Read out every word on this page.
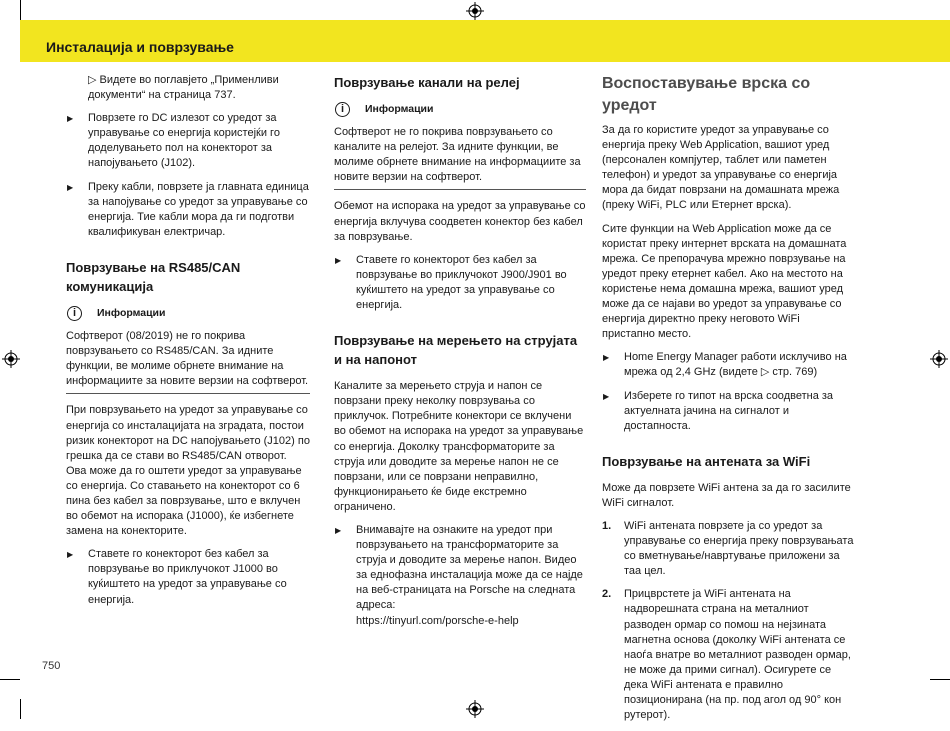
Инсталација и поврзување
▷ Видете во поглавјето „Применливи документи“ на страница 737.
▶ Поврзете го DC излезот со уредот за управување со енергија користејќи го доделувањето пол на конекторот за напојувањето (J102).
▶ Преку кабли, поврзете ја главната единица за напојување со уредот за управување со енергија. Тие кабли мора да ги подготви квалификуван електричар.
Поврзување на RS485/CAN комуникација
i	Информации
Софтверот (08/2019) не го покрива поврзувањето со RS485/CAN. За идните функции, ве молиме обрнете внимание на информациите за новите верзии на софтверот.

При поврзувањето на уредот за управување со енергија со инсталацијата на зградата, постои ризик конекторот на DC напојувањето (J102) по грешка да се стави во RS485/CAN отворот. Ова може да го оштети уредот за управување со енергија. Со ставањето на конекторот со 6 пина без кабел за поврзување, што е вклучен во обемот на испорака (J1000), ќе избегнете замена на конекторите.

▶ Ставете го конекторот без кабел за поврзување во приклучокот J1000 во куќиштето на уредот за управување со енергија.
Поврзување канали на релеј
i	Информации
Софтверот не го покрива поврзувањето со каналите на релејот. За идните функции, ве молиме обрнете внимание на информациите за новите верзии на софтверот.

Обемот на испорака на уредот за управување со енергија вклучува соодветен конектор без кабел за поврзување.

▶ Ставете го конекторот без кабел за поврзување во приклучокот J900/J901 во куќиштето на уредот за управување со енергија.
Поврзување на мерењето на струјата и на напонот

Каналите за мерењето струја и напон се поврзани преку неколку поврзувања со приклучок. Потребните конектори се вклучени во обемот на испорака на уредот за управување со енергија. Доколку трансформаторите за струја или доводите за мерење напон не се поврзани, или се поврзани неправилно, функционирањето ќе биде екстремно ограничено.

▶ Внимавајте на ознаките на уредот при поврзувањето на трансформаторите за струја и доводите за мерење напон. Видео за еднофазна инсталација може да се најде на веб-страницата на Porsche на следната адреса:
https://tinyurl.com/porsche-e-help
Воспоставување врска со уредот

За да го користите уредот за управување со енергија преку Web Application, вашиот уред (персонален компјутер, таблет или паметен телефон) и уредот за управување со енергија мора да бидат поврзани на домашната мрежа (преку WiFi, PLC или Етернет врска).

Сите функции на Web Application може да се користат преку интернет врската на домашната мрежа. Се препорачува мрежно поврзување на уредот преку етернет кабел. Ако на местото на користење нема домашна мрежа, вашиот уред може да се најави во уредот за управување со енергија директно преку неговото WiFi пристапно место.

▶ Home Energy Manager работи исклучиво на мрежа од 2,4 GHz (видете ▷ стр. 769)
▶ Изберете го типот на врска соодветна за актуелната јачина на сигналот и достапноста.
Поврзување на антената за WiFi

Може да поврзете WiFi антена за да го засилите WiFi сигналот.

1. WiFi антената поврзете ја со уредот за управување со енергија преку поврзувањата со вметнување/навртување приложени за таа цел.
2. Прицврстете ја WiFi антената на надворешната страна на металниот разводен ормар со помош на нејзината магнетна основа (доколку WiFi антената се наоѓа внатре во металниот разводен ормар, не може да прими сигнал). Осигурете се дека WiFi антената е правилно позиционирана (на пр. под агол од 90° кон рутерот).
750
